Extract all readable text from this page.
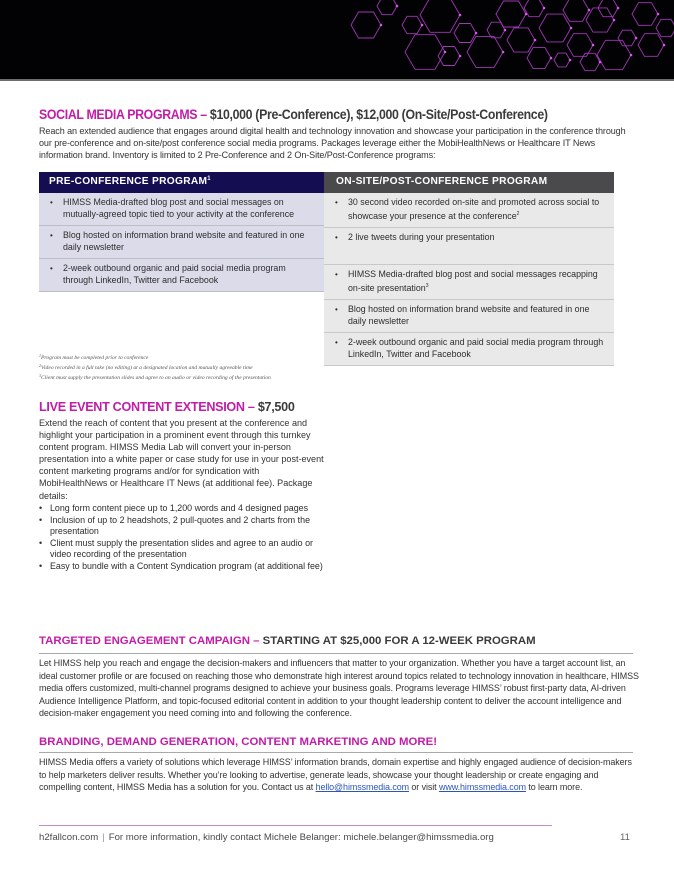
SOCIAL MEDIA PROGRAMS – $10,000 (Pre-Conference), $12,000 (On-Site/Post-Conference)
Reach an extended audience that engages around digital health and technology innovation and showcase your participation in the conference through our pre-conference and on-site/post conference social media programs. Packages leverage either the MobiHealthNews or Healthcare IT News information brand. Inventory is limited to 2 Pre-Conference and 2 On-Site/Post-Conference programs:
PRE-CONFERENCE PROGRAM$^1$
• HIMSS Media-drafted blog post and social messages on mutually-agreed topic tied to your activity at the conference
• Blog hosted on information brand website and featured in one daily newsletter
• 2-week outbound organic and paid social media program through LinkedIn, Twitter and Facebook
ON-SITE/POST-CONFERENCE PROGRAM
• 30 second video recorded on-site and promoted across social to showcase your presence at the conference$^2$
• 2 live tweets during your presentation
• HIMSS Media-drafted blog post and social messages recapping on-site presentation$^3$
• Blog hosted on information brand website and featured in one daily newsletter
• 2-week outbound organic and paid social media program through LinkedIn, Twitter and Facebook
$^1$Program must be completed prior to conference
$^2$Video recorded in a full take (no editing) at a designated location and mutually agreeable time
$^3$Client must supply the presentation slides and agree to an audio or video recording of the presentation
LIVE EVENT CONTENT EXTENSION – $7,500
Extend the reach of content that you present at the conference and highlight your participation in a prominent event through this turnkey content program. HIMSS Media Lab will convert your in-person presentation into a white paper or case study for use in your post-event content marketing programs and/or for syndication with MobiHealthNews or Healthcare IT News (at additional fee). Package details:
• Long form content piece up to 1,200 words and 4 designed pages
• Inclusion of up to 2 headshots, 2 pull-quotes and 2 charts from the presentation
• Client must supply the presentation slides and agree to an audio or video recording of the presentation
• Easy to bundle with a Content Syndication program (at additional fee)
TARGETED ENGAGEMENT CAMPAIGN – STARTING AT $25,000 FOR A 12-WEEK PROGRAM
Let HIMSS help you reach and engage the decision-makers and influencers that matter to your organization. Whether you have a target account list, an ideal customer profile or are focused on reaching those who demonstrate high interest around topics related to technology innovation in healthcare, HIMSS media offers customized, multi-channel programs designed to achieve your business goals. Programs leverage HIMSS’ robust first-party data, AI-driven Audience Intelligence Platform, and topic-focused editorial content in addition to your thought leadership content to deliver the account intelligence and decision-maker engagement you need coming into and following the conference.
BRANDING, DEMAND GENERATION, CONTENT MARKETING AND MORE!
HIMSS Media offers a variety of solutions which leverage HIMSS’ information brands, domain expertise and highly engaged audience of decision-makers to help marketers deliver results. Whether you’re looking to advertise, generate leads, showcase your thought leadership or create engaging and compelling content, HIMSS Media has a solution for you. Contact us at hello@himssmedia.com or visit www.himssmedia.com to learn more.
h2fallcon.com | For more information, kindly contact Michele Belanger: michele.belanger@himssmedia.org	11
